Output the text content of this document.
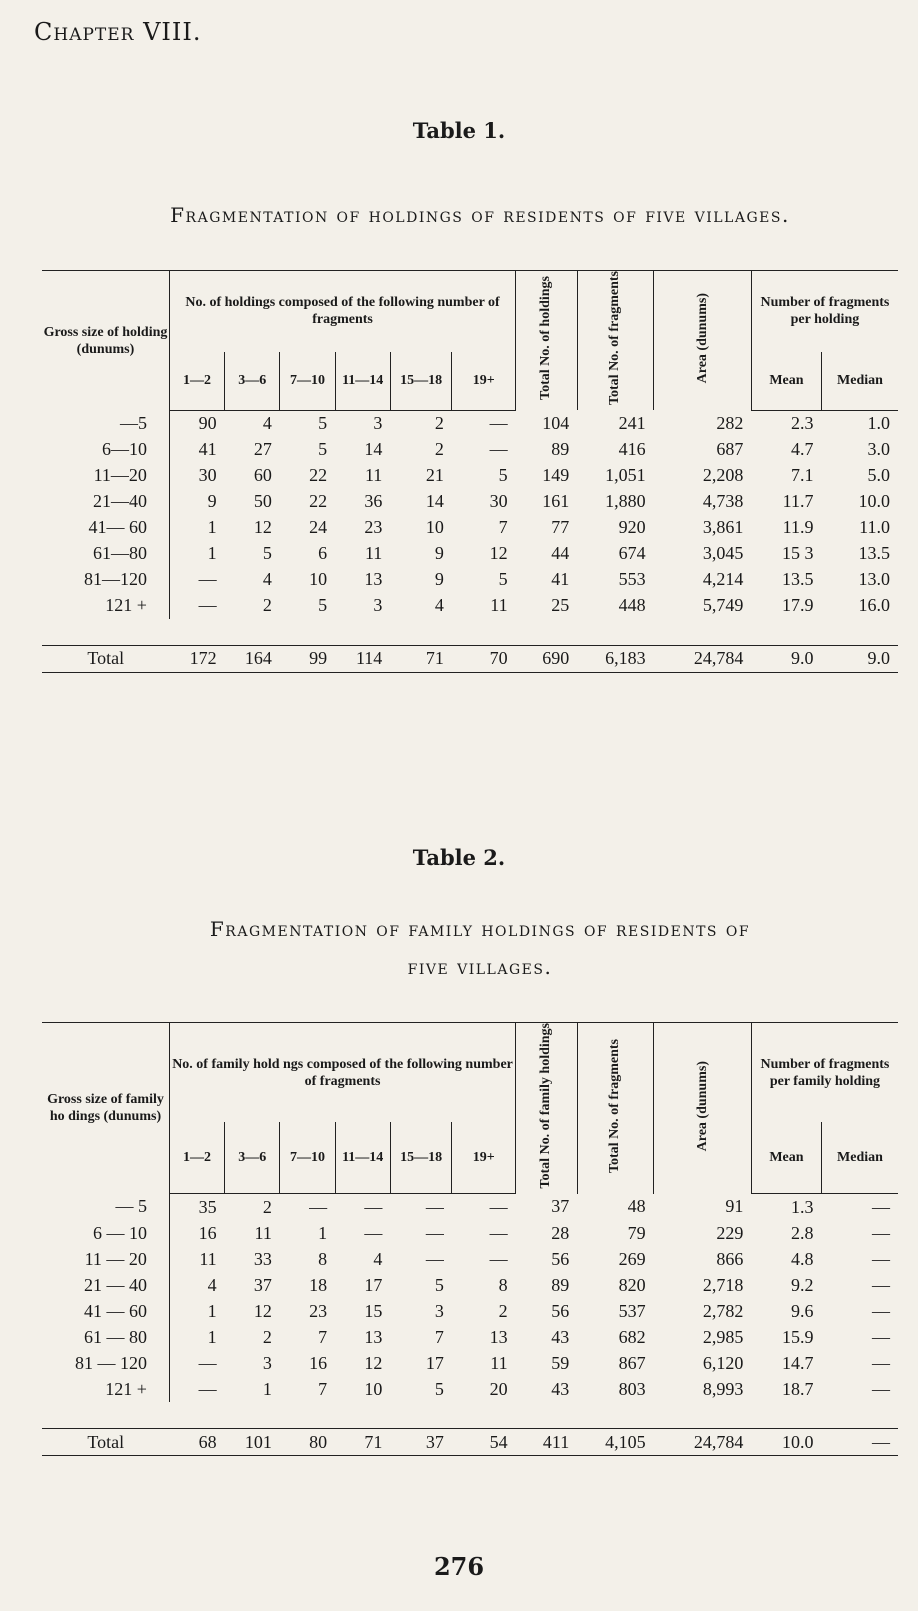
Chapter VIII.
Table 1.
Fragmentation of holdings of residents of five villages.
Gross size of holding (dunums)	No. of holdings composed of the following number of fragments						Total No. of holdings	Total No. of fragments	Area (dunums)	Number of fragments per holding	
	1—2	3—6	7—10	11—14	15—18	19+				Mean	Median
—5	90	4	5	3	2	—	104	241	282	2.3	1.0
6—10	41	27	5	14	2	—	89	416	687	4.7	3.0
11—20	30	60	22	11	21	5	149	1,051	2,208	7.1	5.0
21—40	9	50	22	36	14	30	161	1,880	4,738	11.7	10.0
41— 60	1	12	24	23	10	7	77	920	3,861	11.9	11.0
61—80	1	5	6	11	9	12	44	674	3,045	15 3	13.5
81—120	—	4	10	13	9	5	41	553	4,214	13.5	13.0
121 +	—	2	5	3	4	11	25	448	5,749	17.9	16.0

Total	172	164	99	114	71	70	690	6,183	24,784	9.0	9.0
Table 2.
Fragmentation of family holdings of residents of
five villages.
Gross size of family ho dings (dunums)	No. of family hold ngs composed of the following number of fragments						Total No. of family holdings	Total No. of fragments	Area (dunums)	Number of fragments per family holding	
	1—2	3—6	7—10	11—14	15—18	19+				Mean	Median
— 5	35	2	—	—	—	—	37	48	91	1.3	—
6 — 10	16	11	1	—	—	—	28	79	229	2.8	—
11 — 20	11	33	8	4	—	—	56	269	866	4.8	—
21 — 40	4	37	18	17	5	8	89	820	2,718	9.2	—
41 — 60	1	12	23	15	3	2	56	537	2,782	9.6	—
61 — 80	1	2	7	13	7	13	43	682	2,985	15.9	—
81 — 120	—	3	16	12	17	11	59	867	6,120	14.7	—
121 +	—	1	7	10	5	20	43	803	8,993	18.7	—

Total	68	101	80	71	37	54	411	4,105	24,784	10.0	—
276
